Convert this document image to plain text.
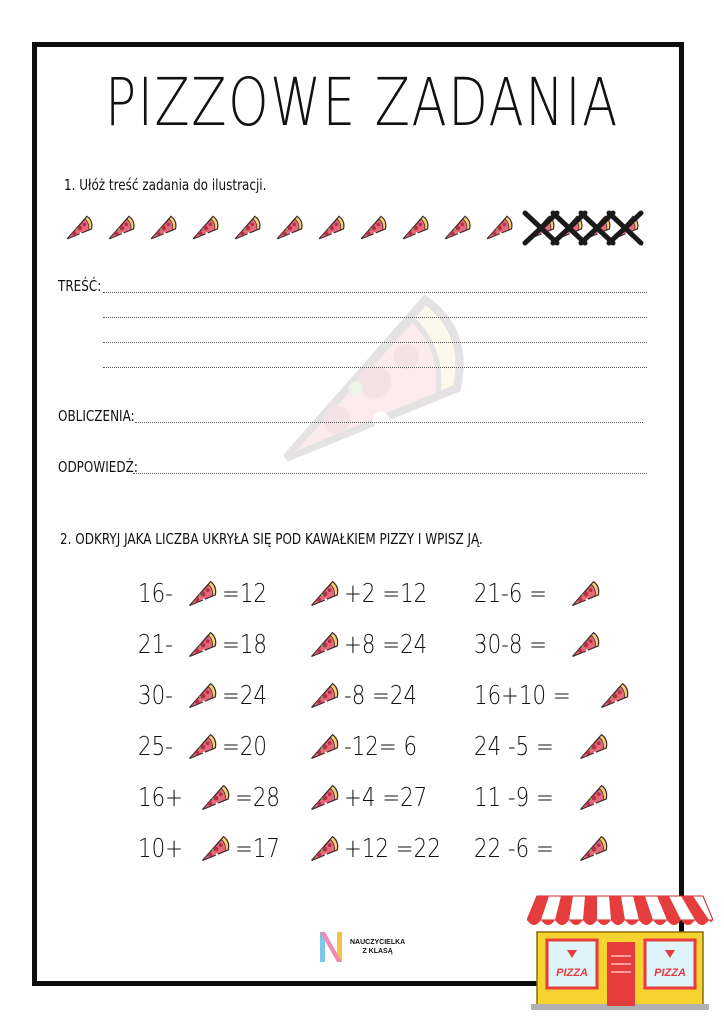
PIZZOWE ZADANIA
1. Ułóż treść zadania do ilustracji.
TREŚĆ:
OBLICZENIA:
ODPOWIEDŹ:
2. ODKRYJ JAKA LICZBA UKRYŁA SIĘ POD KAWAŁKIEM PIZZY I WPISZ JĄ.
16- =12
21- =18
30- =24
25- =20
16+ =28
10+ =17
+2 =12
+8 =24
-8 =24
-12= 6
+4 =27
+12 =22
21-6 =
30-8 =
16+10 =
24 -5 =
11 -9 =
22 -6 =
NAUCZYCIELKA
Z KLASĄ
PIZZA	PIZZA
